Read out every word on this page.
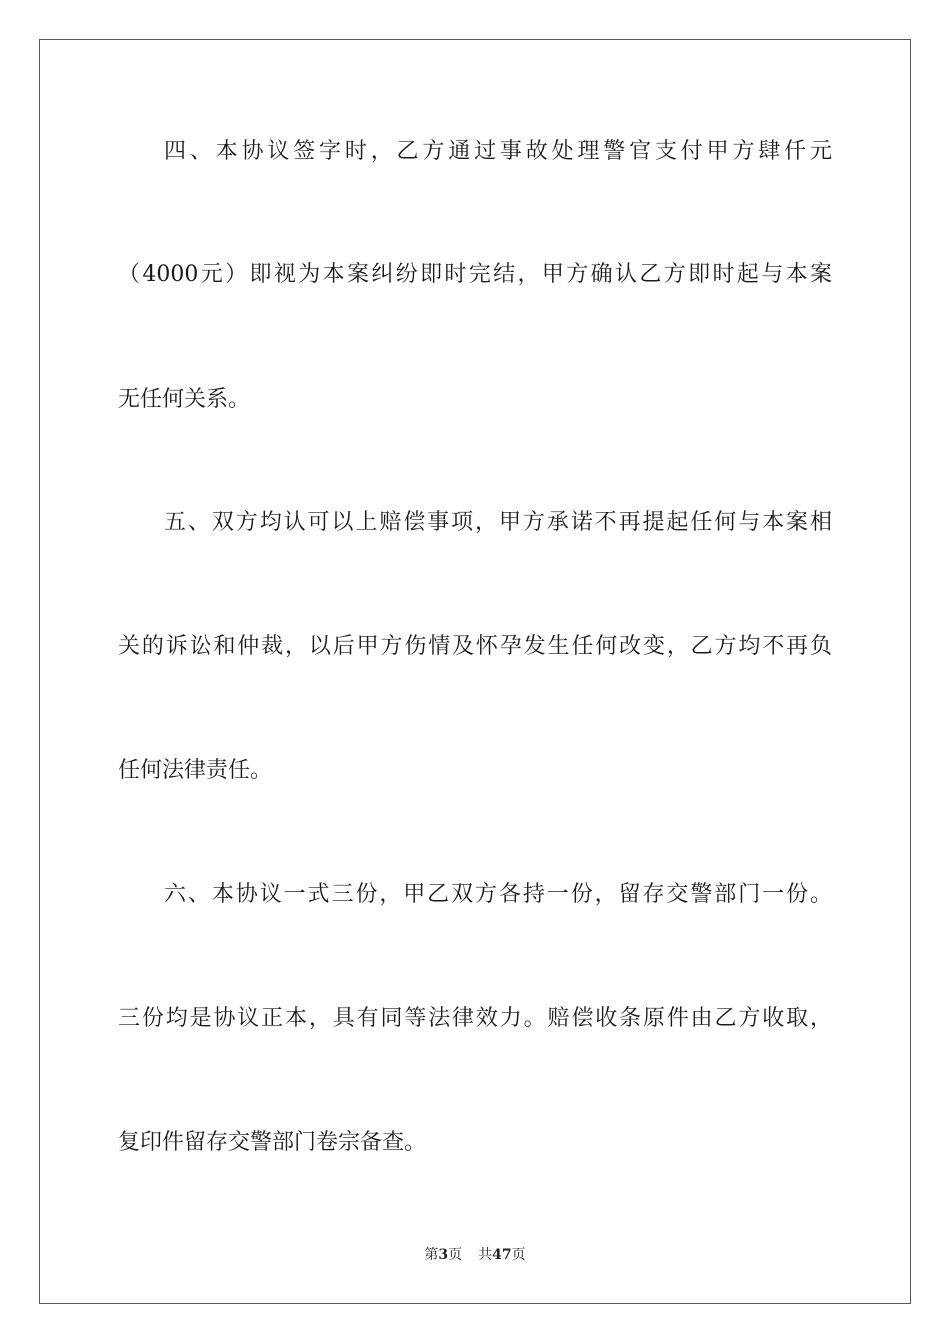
四、本协议签字时，乙方通过事故处理警官支付甲方肆仟元
（4000元）即视为本案纠纷即时完结，甲方确认乙方即时起与本案
无任何关系。
五、双方均认可以上赔偿事项，甲方承诺不再提起任何与本案相
关的诉讼和仲裁，以后甲方伤情及怀孕发生任何改变，乙方均不再负
任何法律责任。
六、本协议一式三份，甲乙双方各持一份，留存交警部门一份。
三份均是协议正本，具有同等法律效力。赔偿收条原件由乙方收取，
复印件留存交警部门卷宗备查。
第3页 共47页
